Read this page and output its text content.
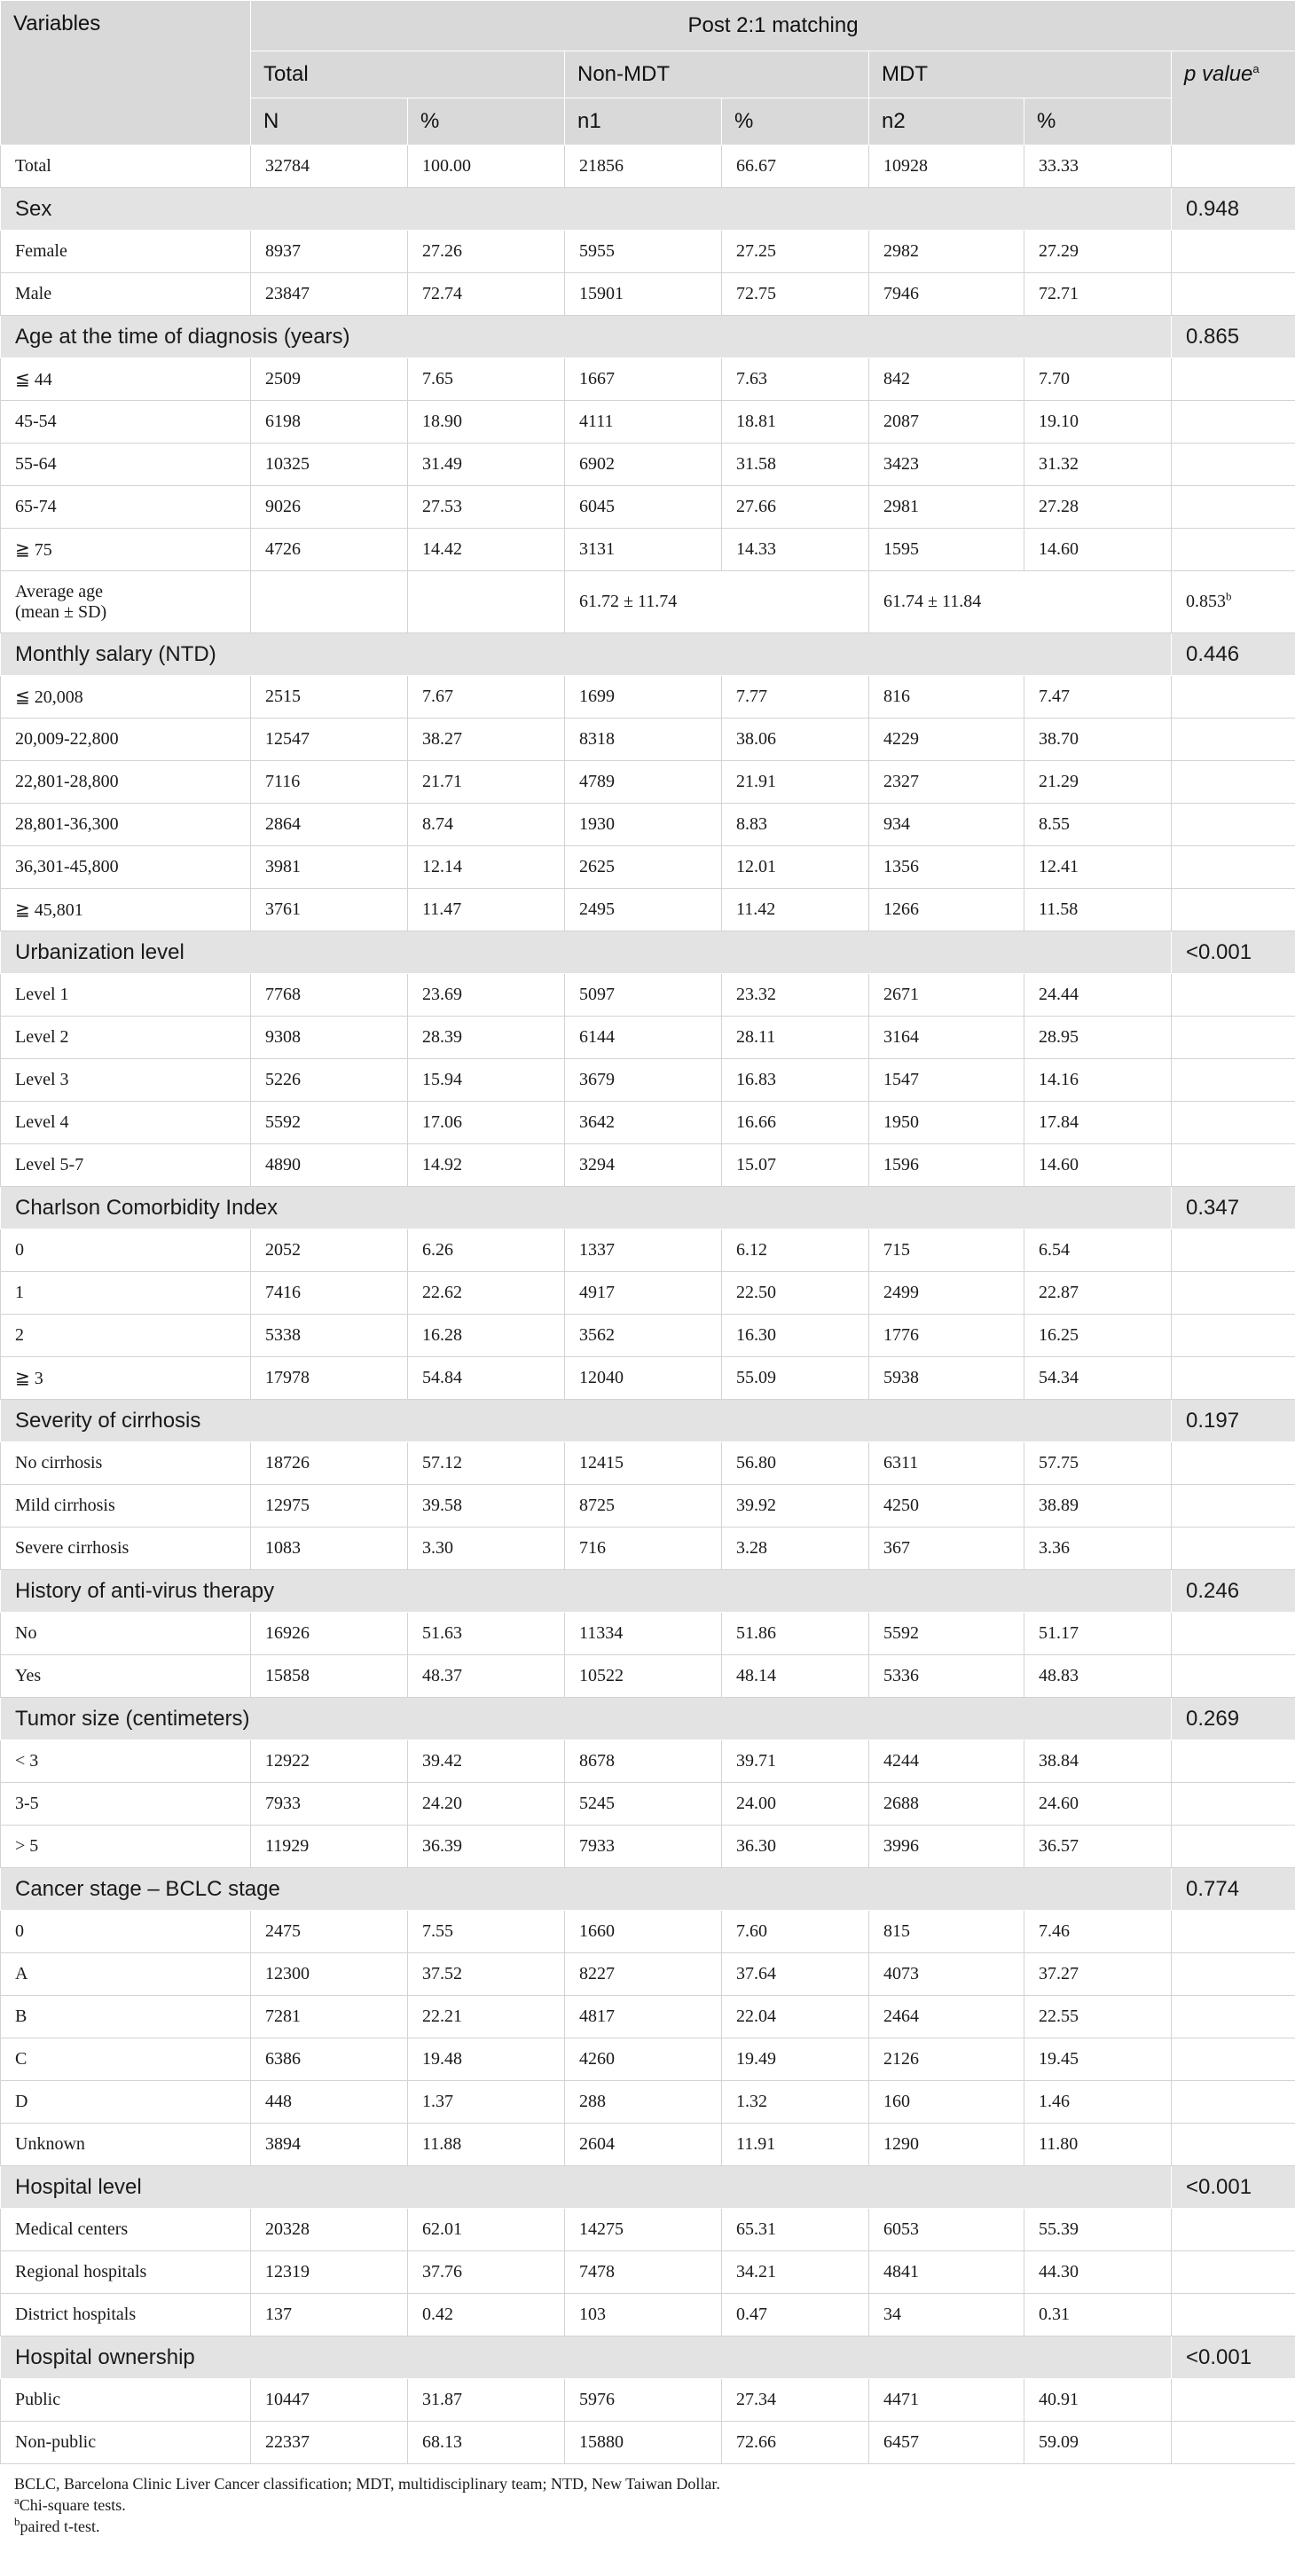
Variables	Post 2:1 matching						
	Total		Non-MDT		MDT		p value$^a$
	N	%	n1	%	n2	%	
Total	32784	100.00	21856	66.67	10928	33.33	
Sex							0.948
Female	8937	27.26	5955	27.25	2982	27.29	
Male	23847	72.74	15901	72.75	7946	72.71	
Age at the time of diagnosis (years)							0.865
≦ 44	2509	7.65	1667	7.63	842	7.70	
45-54	6198	18.90	4111	18.81	2087	19.10	
55-64	10325	31.49	6902	31.58	3423	31.32	
65-74	9026	27.53	6045	27.66	2981	27.28	
≧ 75	4726	14.42	3131	14.33	1595	14.60	

Average age
(mean ± SD)			61.72 ± 11.74		61.74 ± 11.84		0.853$^b$
Monthly salary (NTD)							0.446
≦ 20,008	2515	7.67	1699	7.77	816	7.47	
20,009-22,800	12547	38.27	8318	38.06	4229	38.70	
22,801-28,800	7116	21.71	4789	21.91	2327	21.29	
28,801-36,300	2864	8.74	1930	8.83	934	8.55	
36,301-45,800	3981	12.14	2625	12.01	1356	12.41	
≧ 45,801	3761	11.47	2495	11.42	1266	11.58	
Urbanization level							<0.001
Level 1	7768	23.69	5097	23.32	2671	24.44	
Level 2	9308	28.39	6144	28.11	3164	28.95	
Level 3	5226	15.94	3679	16.83	1547	14.16	
Level 4	5592	17.06	3642	16.66	1950	17.84	
Level 5-7	4890	14.92	3294	15.07	1596	14.60	
Charlson Comorbidity Index							0.347
0	2052	6.26	1337	6.12	715	6.54	
1	7416	22.62	4917	22.50	2499	22.87	
2	5338	16.28	3562	16.30	1776	16.25	
≧ 3	17978	54.84	12040	55.09	5938	54.34	
Severity of cirrhosis							0.197
No cirrhosis	18726	57.12	12415	56.80	6311	57.75	
Mild cirrhosis	12975	39.58	8725	39.92	4250	38.89	
Severe cirrhosis	1083	3.30	716	3.28	367	3.36	
History of anti-virus therapy							0.246
No	16926	51.63	11334	51.86	5592	51.17	
Yes	15858	48.37	10522	48.14	5336	48.83	
Tumor size (centimeters)							0.269
< 3	12922	39.42	8678	39.71	4244	38.84	
3-5	7933	24.20	5245	24.00	2688	24.60	
> 5	11929	36.39	7933	36.30	3996	36.57	
Cancer stage – BCLC stage							0.774
0	2475	7.55	1660	7.60	815	7.46	
A	12300	37.52	8227	37.64	4073	37.27	
B	7281	22.21	4817	22.04	2464	22.55	
C	6386	19.48	4260	19.49	2126	19.45	
D	448	1.37	288	1.32	160	1.46	
Unknown	3894	11.88	2604	11.91	1290	11.80	
Hospital level							<0.001
Medical centers	20328	62.01	14275	65.31	6053	55.39	
Regional hospitals	12319	37.76	7478	34.21	4841	44.30	
District hospitals	137	0.42	103	0.47	34	0.31	
Hospital ownership							<0.001
Public	10447	31.87	5976	27.34	4471	40.91	
Non-public	22337	68.13	15880	72.66	6457	59.09	
BCLC, Barcelona Clinic Liver Cancer classification; MDT, multidisciplinary team; NTD, New Taiwan Dollar.
$^a$Chi-square tests.
$^b$paired t-test.
